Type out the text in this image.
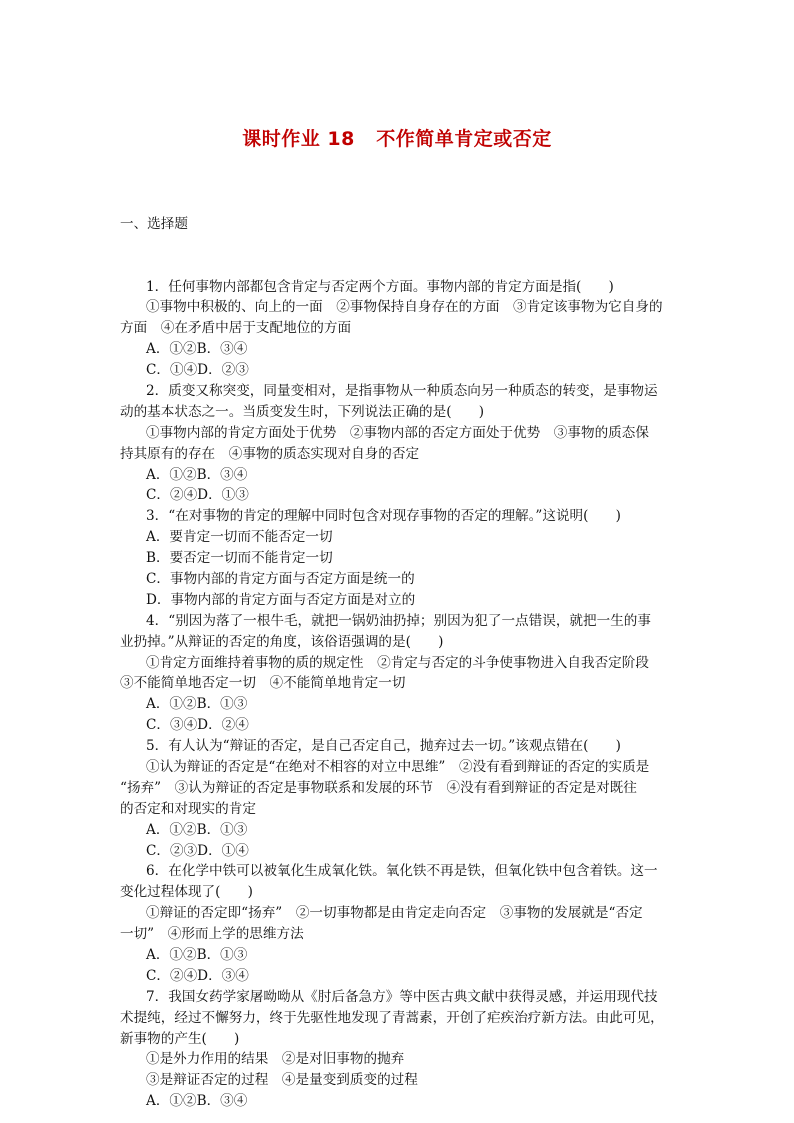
课时作业 18   不作简单肯定或否定

一、选择题

1．任何事物内部都包含肯定与否定两个方面。事物内部的肯定方面是指(　　)
①事物中积极的、向上的一面　②事物保持自身存在的方面　③肯定该事物为它自身的
方面　④在矛盾中居于支配地位的方面
A．①②B．③④
C．①④D．②③
2．质变又称突变，同量变相对，是指事物从一种质态向另一种质态的转变，是事物运
动的基本状态之一。当质变发生时，下列说法正确的是(　　)
①事物内部的肯定方面处于优势　②事物内部的否定方面处于优势　③事物的质态保
持其原有的存在　④事物的质态实现对自身的否定
A．①②B．③④
C．②④D．①③
3．“在对事物的肯定的理解中同时包含对现存事物的否定的理解。”这说明(　　)
A．要肯定一切而不能否定一切
B．要否定一切而不能肯定一切
C．事物内部的肯定方面与否定方面是统一的
D．事物内部的肯定方面与否定方面是对立的
4．“别因为落了一根牛毛，就把一锅奶油扔掉；别因为犯了一点错误，就把一生的事
业扔掉。”从辩证的否定的角度，该俗语强调的是(　　)
①肯定方面维持着事物的质的规定性　②肯定与否定的斗争使事物进入自我否定阶段
③不能简单地否定一切　④不能简单地肯定一切
A．①②B．①③
C．③④D．②④
5．有人认为“辩证的否定，是自己否定自己，抛弃过去一切。”该观点错在(　　)
①认为辩证的否定是“在绝对不相容的对立中思维”　②没有看到辩证的否定的实质是
“扬弃”　③认为辩证的否定是事物联系和发展的环节　④没有看到辩证的否定是对既往
的否定和对现实的肯定
A．①②B．①③
C．②③D．①④
6．在化学中铁可以被氧化生成氧化铁。氧化铁不再是铁，但氧化铁中包含着铁。这一
变化过程体现了(　　)
①辩证的否定即“扬弃”　②一切事物都是由肯定走向否定　③事物的发展就是“否定
一切”　④形而上学的思维方法
A．①②B．①③
C．②④D．③④
7．我国女药学家屠呦呦从《肘后备急方》等中医古典文献中获得灵感，并运用现代技
术提纯，经过不懈努力，终于先驱性地发现了青蒿素，开创了疟疾治疗新方法。由此可见，
新事物的产生(　　)
①是外力作用的结果　②是对旧事物的抛弃
③是辩证否定的过程　④是量变到质变的过程
A．①②B．③④
